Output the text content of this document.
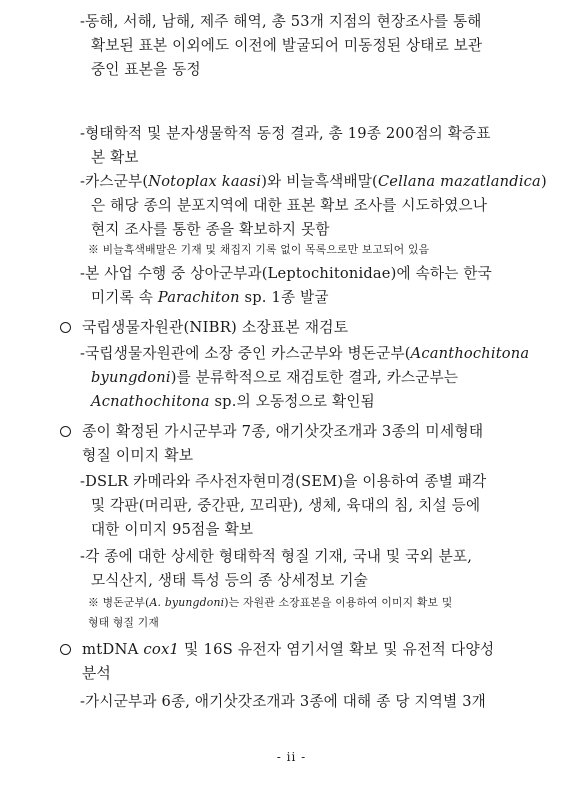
-동해, 서해, 남해, 제주 해역, 총 53개 지점의 현장조사를 통해
확보된 표본 이외에도 이전에 발굴되어 미동정된 상태로 보관
중인 표본을 동정
-형태학적 및 분자생물학적 동정 결과, 총 19종 200점의 확증표
본 확보
-카스군부(Notoplax kaasi)와 비늘흑색배말(Cellana mazatlandica)
은 해당 종의 분포지역에 대한 표본 확보 조사를 시도하였으나
현지 조사를 통한 종을 확보하지 못함
※ 비늘흑색배말은 기재 및 채집지 기록 없이 목록으로만 보고되어 있음
-본 사업 수행 중 상아군부과(Leptochitonidae)에 속하는 한국
미기록 속 Parachiton sp. 1종 발굴
국립생물자원관(NIBR) 소장표본 재검토
-국립생물자원관에 소장 중인 카스군부와 병돈군부(Acanthochitona
byungdoni)를 분류학적으로 재검토한 결과, 카스군부는
Acnathochitona sp.의 오동정으로 확인됨
종이 확정된 가시군부과 7종, 애기삿갓조개과 3종의 미세형태
형질 이미지 확보
-DSLR 카메라와 주사전자현미경(SEM)을 이용하여 종별 패각
및 각판(머리판, 중간판, 꼬리판), 생체, 육대의 침, 치설 등에
대한 이미지 95점을 확보
-각 종에 대한 상세한 형태학적 형질 기재, 국내 및 국외 분포,
모식산지, 생태 특성 등의 종 상세정보 기술
※ 병돈군부(A. byungdoni)는 자원관 소장표본을 이용하여 이미지 확보 및
형태 형질 기재
mtDNA cox1 및 16S 유전자 염기서열 확보 및 유전적 다양성
분석
-가시군부과 6종, 애기삿갓조개과 3종에 대해 종 당 지역별 3개
- ii -
